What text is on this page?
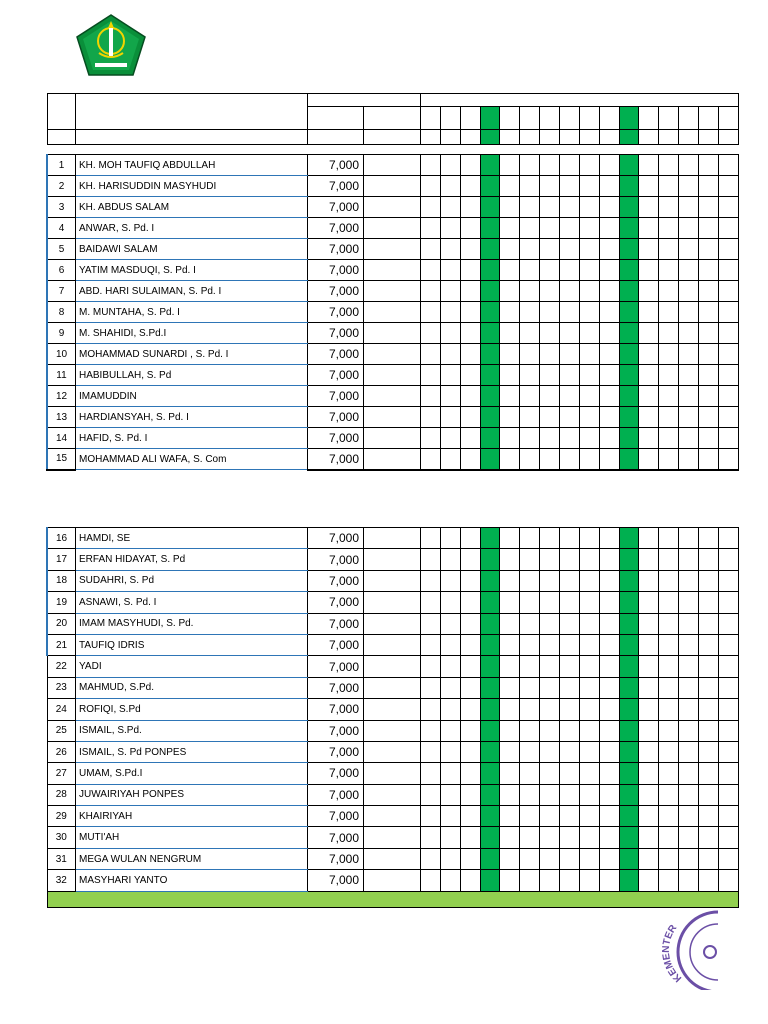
1	KH. MOH TAUFIQ ABDULLAH	7,000																	
2	KH. HARISUDDIN MASYHUDI	7,000																	
3	KH. ABDUS SALAM	7,000																	
4	ANWAR, S. Pd. I	7,000																	
5	BAIDAWI SALAM	7,000																	
6	YATIM MASDUQI, S. Pd. I	7,000																	
7	ABD. HARI SULAIMAN, S. Pd. I	7,000																	
8	M. MUNTAHA, S. Pd. I	7,000																	
9	M. SHAHIDI, S.Pd.I	7,000																	
10	MOHAMMAD SUNARDI , S. Pd. I	7,000																	
11	HABIBULLAH, S. Pd	7,000																	
12	IMAMUDDIN	7,000																	
13	HARDIANSYAH, S. Pd. I	7,000																	
14	HAFID, S. Pd. I	7,000																	
15	MOHAMMAD ALI WAFA, S. Com	7,000																	
16	HAMDI, SE	7,000																	
17	ERFAN HIDAYAT, S. Pd	7,000																	
18	SUDAHRI, S. Pd	7,000																	
19	ASNAWI, S. Pd. I	7,000																	
20	IMAM MASYHUDI, S. Pd.	7,000																	
21	TAUFIQ IDRIS	7,000																	
22	YADI	7,000																	
23	MAHMUD, S.Pd.	7,000																	
24	ROFIQI, S.Pd	7,000																	
25	ISMAIL, S.Pd.	7,000																	
26	ISMAIL, S. Pd PONPES	7,000																	
27	UMAM, S.Pd.I	7,000																	
28	JUWAIRIYAH PONPES	7,000																	
29	KHAIRIYAH	7,000																	
30	MUTI'AH	7,000																	
31	MEGA WULAN NENGRUM	7,000																	
32	MASYHARI YANTO	7,000																	

KEMENTER
